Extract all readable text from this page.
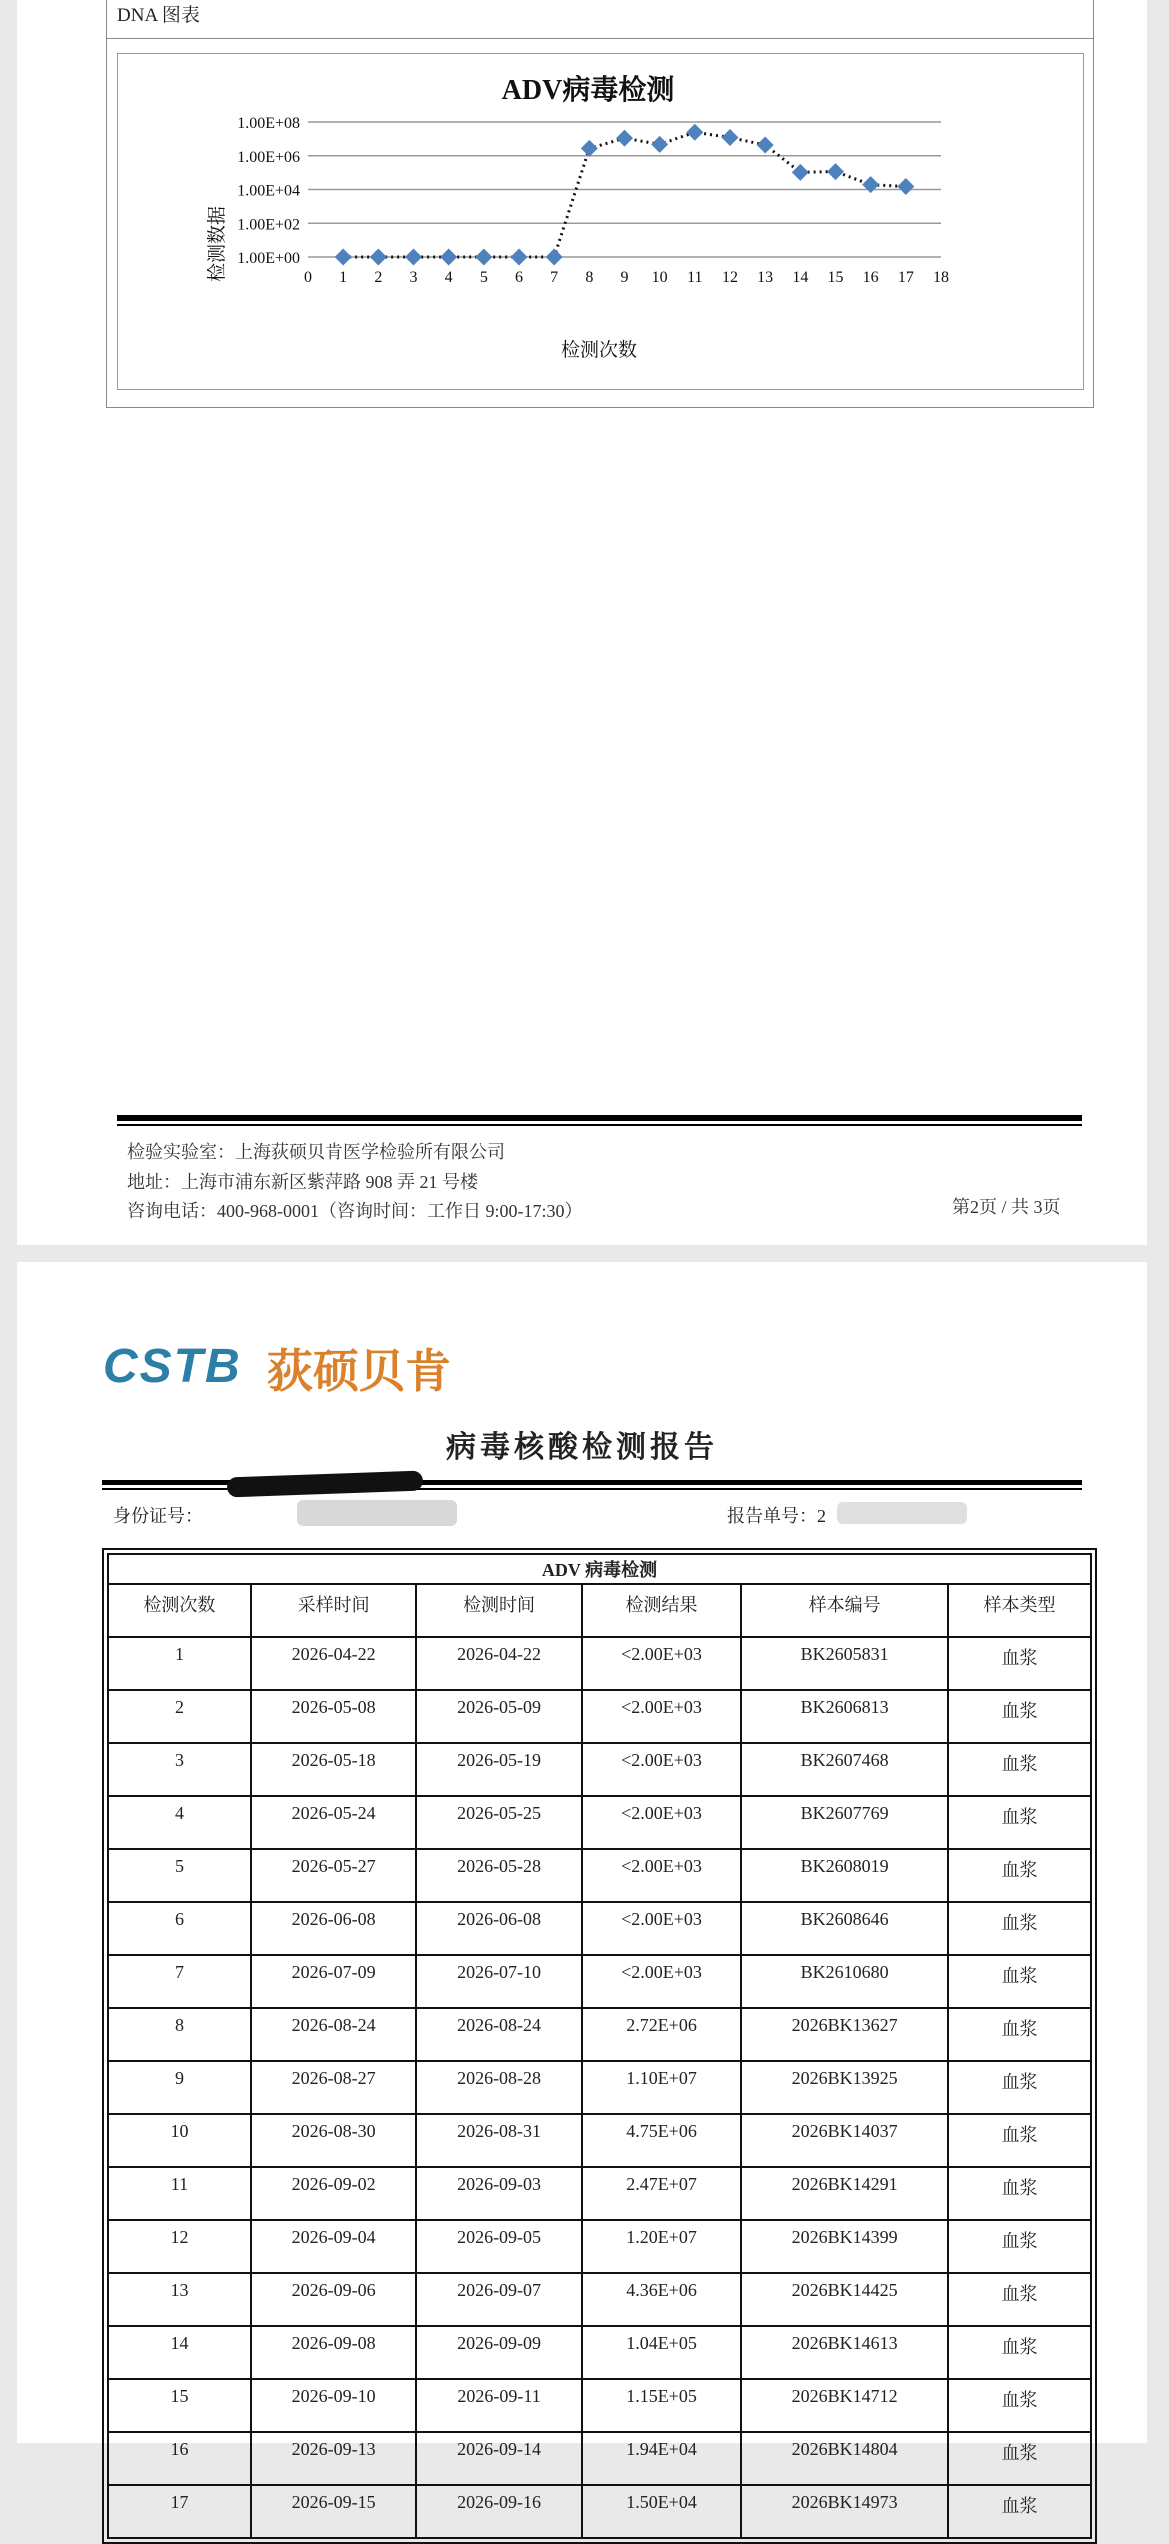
DNA 图表
ADV病毒检测
1.00E+00
1.00E+02
1.00E+04
1.00E+06
1.00E+08
0 1 2 3 4 5 6 7 8 9 10 11 12 13 14 15 16 17 18
检测数据
检测次数
检验实验室：上海荻硕贝肯医学检验所有限公司
地址：上海市浦东新区紫萍路 908 弄 21 号楼
咨询电话：400-968-0001（咨询时间：工作日 9:00-17:30）	第2页 / 共 3页
CSTB 荻硕贝肯
病毒核酸检测报告
身份证号：	报告单号：2
ADV 病毒检测					
检测次数	采样时间	检测时间	检测结果	样本编号	样本类型
1	2026-04-22	2026-04-22	<2.00E+03	BK2605831	血浆
2	2026-05-08	2026-05-09	<2.00E+03	BK2606813	血浆
3	2026-05-18	2026-05-19	<2.00E+03	BK2607468	血浆
4	2026-05-24	2026-05-25	<2.00E+03	BK2607769	血浆
5	2026-05-27	2026-05-28	<2.00E+03	BK2608019	血浆
6	2026-06-08	2026-06-08	<2.00E+03	BK2608646	血浆
7	2026-07-09	2026-07-10	<2.00E+03	BK2610680	血浆
8	2026-08-24	2026-08-24	2.72E+06	2026BK13627	血浆
9	2026-08-27	2026-08-28	1.10E+07	2026BK13925	血浆
10	2026-08-30	2026-08-31	4.75E+06	2026BK14037	血浆
11	2026-09-02	2026-09-03	2.47E+07	2026BK14291	血浆
12	2026-09-04	2026-09-05	1.20E+07	2026BK14399	血浆
13	2026-09-06	2026-09-07	4.36E+06	2026BK14425	血浆
14	2026-09-08	2026-09-09	1.04E+05	2026BK14613	血浆
15	2026-09-10	2026-09-11	1.15E+05	2026BK14712	血浆
16	2026-09-13	2026-09-14	1.94E+04	2026BK14804	血浆
17	2026-09-15	2026-09-16	1.50E+04	2026BK14973	血浆
